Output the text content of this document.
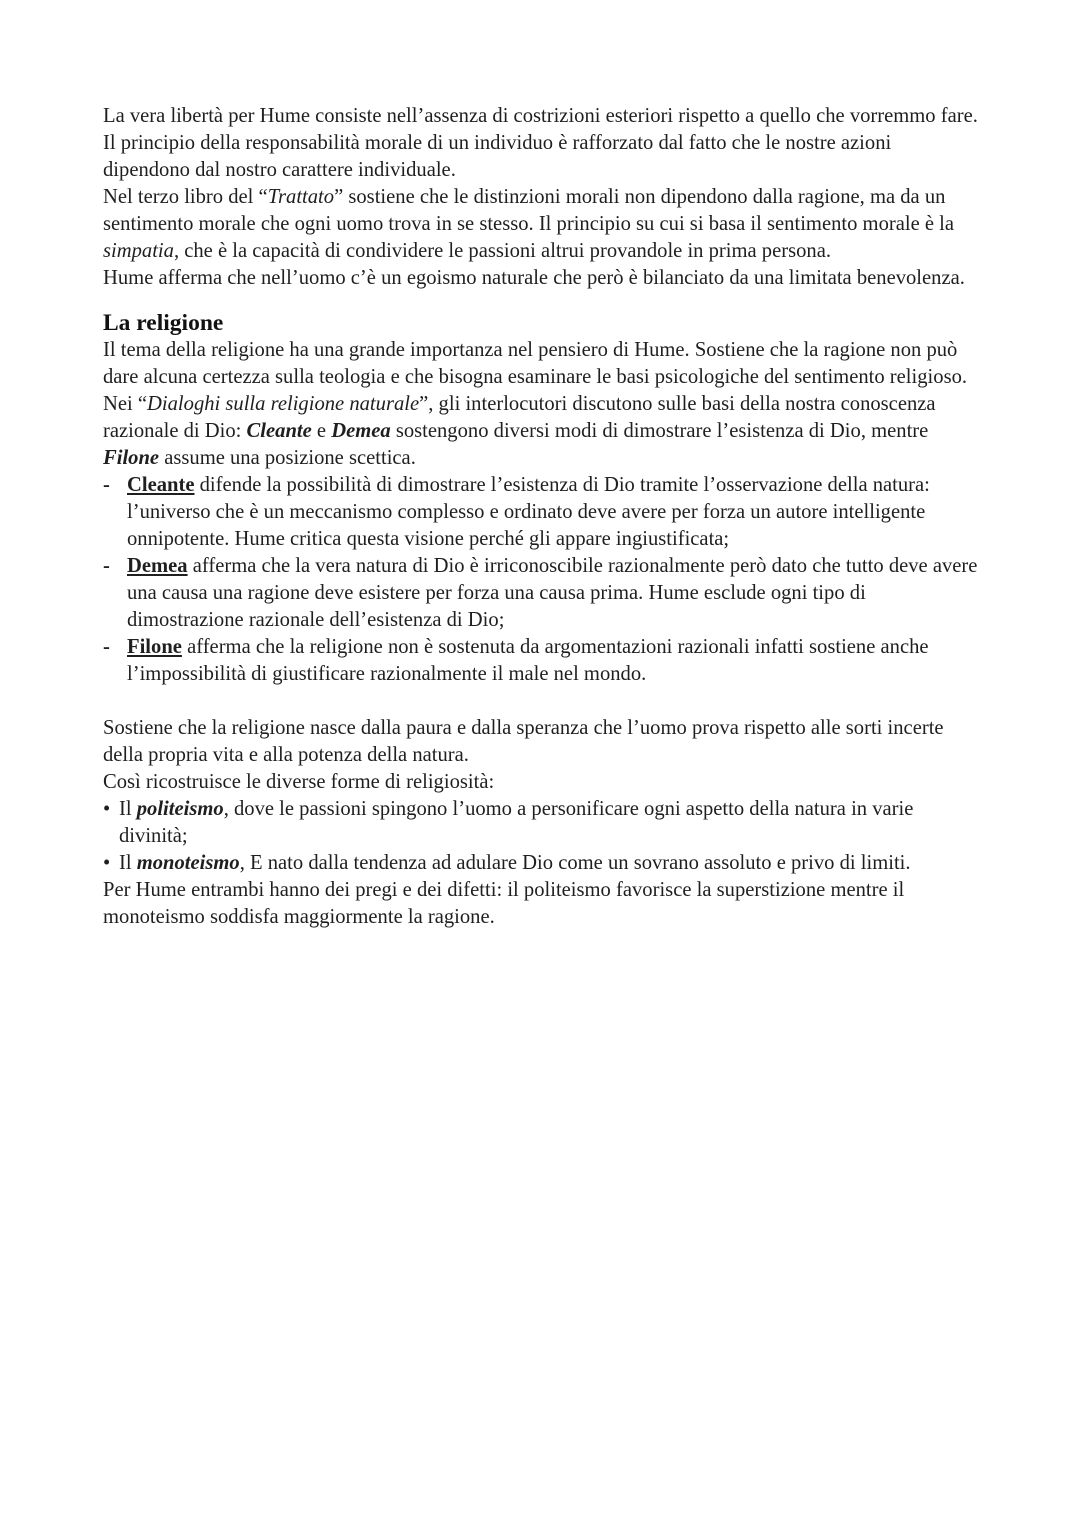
La vera libertà per Hume consiste nell’assenza di costrizioni esteriori rispetto a quello che vorremmo fare. Il principio della responsabilità morale di un individuo è rafforzato dal fatto che le nostre azioni dipendono dal nostro carattere individuale.

Nel terzo libro del “Trattato” sostiene che le distinzioni morali non dipendono dalla ragione, ma da un sentimento morale che ogni uomo trova in se stesso. Il principio su cui si basa il sentimento morale è la simpatia, che è la capacità di condividere le passioni altrui provandole in prima persona.

Hume afferma che nell’uomo c’è un egoismo naturale che però è bilanciato da una limitata benevolenza.

La religione

Il tema della religione ha una grande importanza nel pensiero di Hume. Sostiene che la ragione non può dare alcuna certezza sulla teologia e che bisogna esaminare le basi psicologiche del sentimento religioso. Nei “Dialoghi sulla religione naturale”, gli interlocutori discutono sulle basi della nostra conoscenza razionale di Dio: Cleante e Demea sostengono diversi modi di dimostrare l’esistenza di Dio, mentre Filone assume una posizione scettica.

- Cleante difende la possibilità di dimostrare l’esistenza di Dio tramite l’osservazione della natura: l’universo che è un meccanismo complesso e ordinato deve avere per forza un autore intelligente onnipotente. Hume critica questa visione perché gli appare ingiustificata;
- Demea afferma che la vera natura di Dio è irriconoscibile razionalmente però dato che tutto deve avere una causa una ragione deve esistere per forza una causa prima. Hume esclude ogni tipo di dimostrazione razionale dell’esistenza di Dio;
- Filone afferma che la religione non è sostenuta da argomentazioni razionali infatti sostiene anche l’impossibilità di giustificare razionalmente il male nel mondo.

Sostiene che la religione nasce dalla paura e dalla speranza che l’uomo prova rispetto alle sorti incerte della propria vita e alla potenza della natura.

Così ricostruisce le diverse forme di religiosità:

• Il politeismo, dove le passioni spingono l’uomo a personificare ogni aspetto della natura in varie divinità;
• Il monoteismo, E nato dalla tendenza ad adulare Dio come un sovrano assoluto e privo di limiti.

Per Hume entrambi hanno dei pregi e dei difetti: il politeismo favorisce la superstizione mentre il monoteismo soddisfa maggiormente la ragione.
